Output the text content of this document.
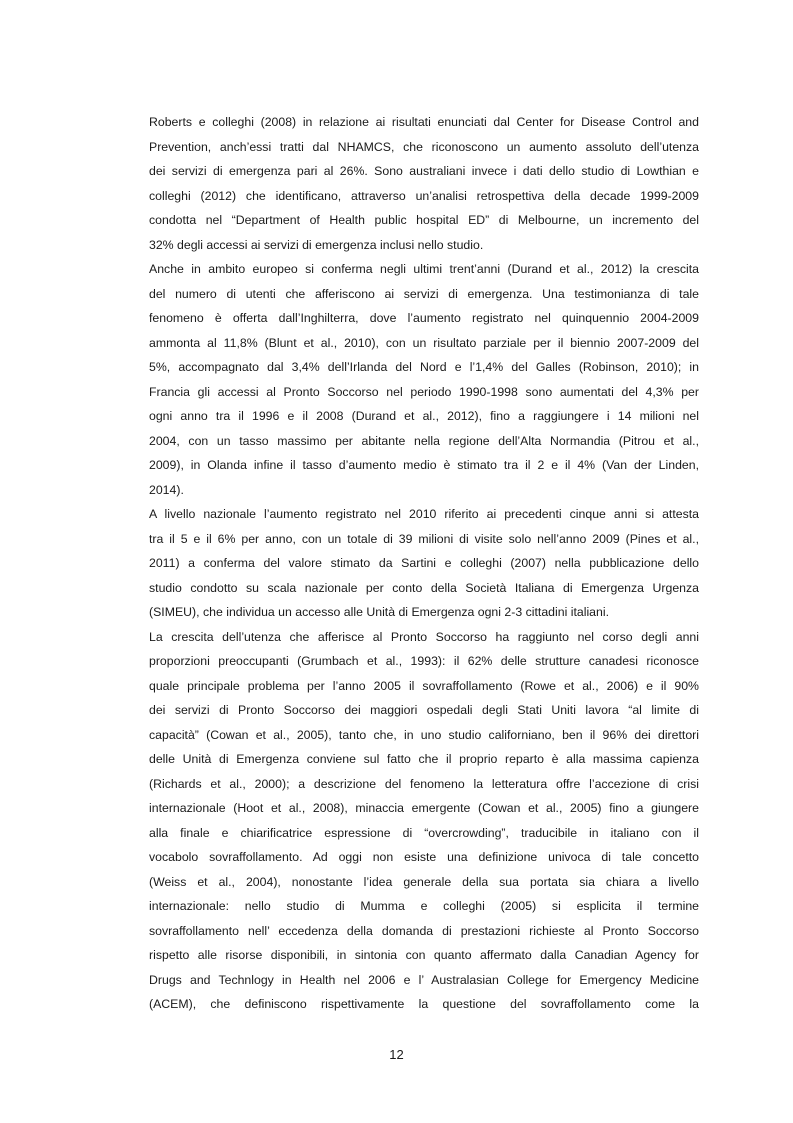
Roberts e colleghi (2008) in relazione ai risultati enunciati dal Center for Disease Control and
Prevention, anch’essi tratti dal NHAMCS, che riconoscono un aumento assoluto dell’utenza
dei servizi di emergenza pari al 26%. Sono australiani invece i dati dello studio di Lowthian e
colleghi (2012) che identificano, attraverso un’analisi retrospettiva della decade 1999-2009
condotta nel “Department of Health public hospital ED” di Melbourne, un incremento del
32% degli accessi ai servizi di emergenza inclusi nello studio.
Anche in ambito europeo si conferma negli ultimi trent’anni (Durand et al., 2012) la crescita
del numero di utenti che afferiscono ai servizi di emergenza. Una testimonianza di tale
fenomeno è offerta dall’Inghilterra, dove l’aumento registrato nel quinquennio 2004-2009
ammonta al 11,8% (Blunt et al., 2010), con un risultato parziale per il biennio 2007-2009 del
5%, accompagnato dal 3,4% dell’Irlanda del Nord e l’1,4% del Galles (Robinson, 2010); in
Francia gli accessi al Pronto Soccorso nel periodo 1990-1998 sono aumentati del 4,3% per
ogni anno tra il 1996 e il 2008 (Durand et al., 2012), fino a raggiungere i 14 milioni nel
2004, con un tasso massimo per abitante nella regione dell’Alta Normandia (Pitrou et al.,
2009), in Olanda infine il tasso d’aumento medio è stimato tra il 2 e il 4% (Van der Linden,
2014).
A livello nazionale l’aumento registrato nel 2010 riferito ai precedenti cinque anni si attesta
tra il 5 e il 6% per anno, con un totale di 39 milioni di visite solo nell’anno 2009 (Pines et al.,
2011) a conferma del valore stimato da Sartini e colleghi (2007) nella pubblicazione dello
studio condotto su scala nazionale per conto della Società Italiana di Emergenza Urgenza
(SIMEU), che individua un accesso alle Unità di Emergenza ogni 2-3 cittadini italiani.
La crescita dell’utenza che afferisce al Pronto Soccorso ha raggiunto nel corso degli anni
proporzioni preoccupanti (Grumbach et al., 1993): il 62% delle strutture canadesi riconosce
quale principale problema per l’anno 2005 il sovraffollamento (Rowe et al., 2006) e il 90%
dei servizi di Pronto Soccorso dei maggiori ospedali degli Stati Uniti lavora “al limite di
capacità” (Cowan et al., 2005), tanto che, in uno studio californiano, ben il 96% dei direttori
delle Unità di Emergenza conviene sul fatto che il proprio reparto è alla massima capienza
(Richards et al., 2000); a descrizione del fenomeno la letteratura offre l’accezione di crisi
internazionale (Hoot et al., 2008), minaccia emergente (Cowan et al., 2005) fino a giungere
alla finale e chiarificatrice espressione di “overcrowding”, traducibile in italiano con il
vocabolo sovraffollamento. Ad oggi non esiste una definizione univoca di tale concetto
(Weiss et al., 2004), nonostante l’idea generale della sua portata sia chiara a livello
internazionale: nello studio di Mumma e colleghi (2005) si esplicita il termine
sovraffollamento nell’ eccedenza della domanda di prestazioni richieste al Pronto Soccorso
rispetto alle risorse disponibili, in sintonia con quanto affermato dalla Canadian Agency for
Drugs and Technlogy in Health nel 2006 e l’ Australasian College for Emergency Medicine
(ACEM), che definiscono rispettivamente la questione del sovraffollamento come la
12
